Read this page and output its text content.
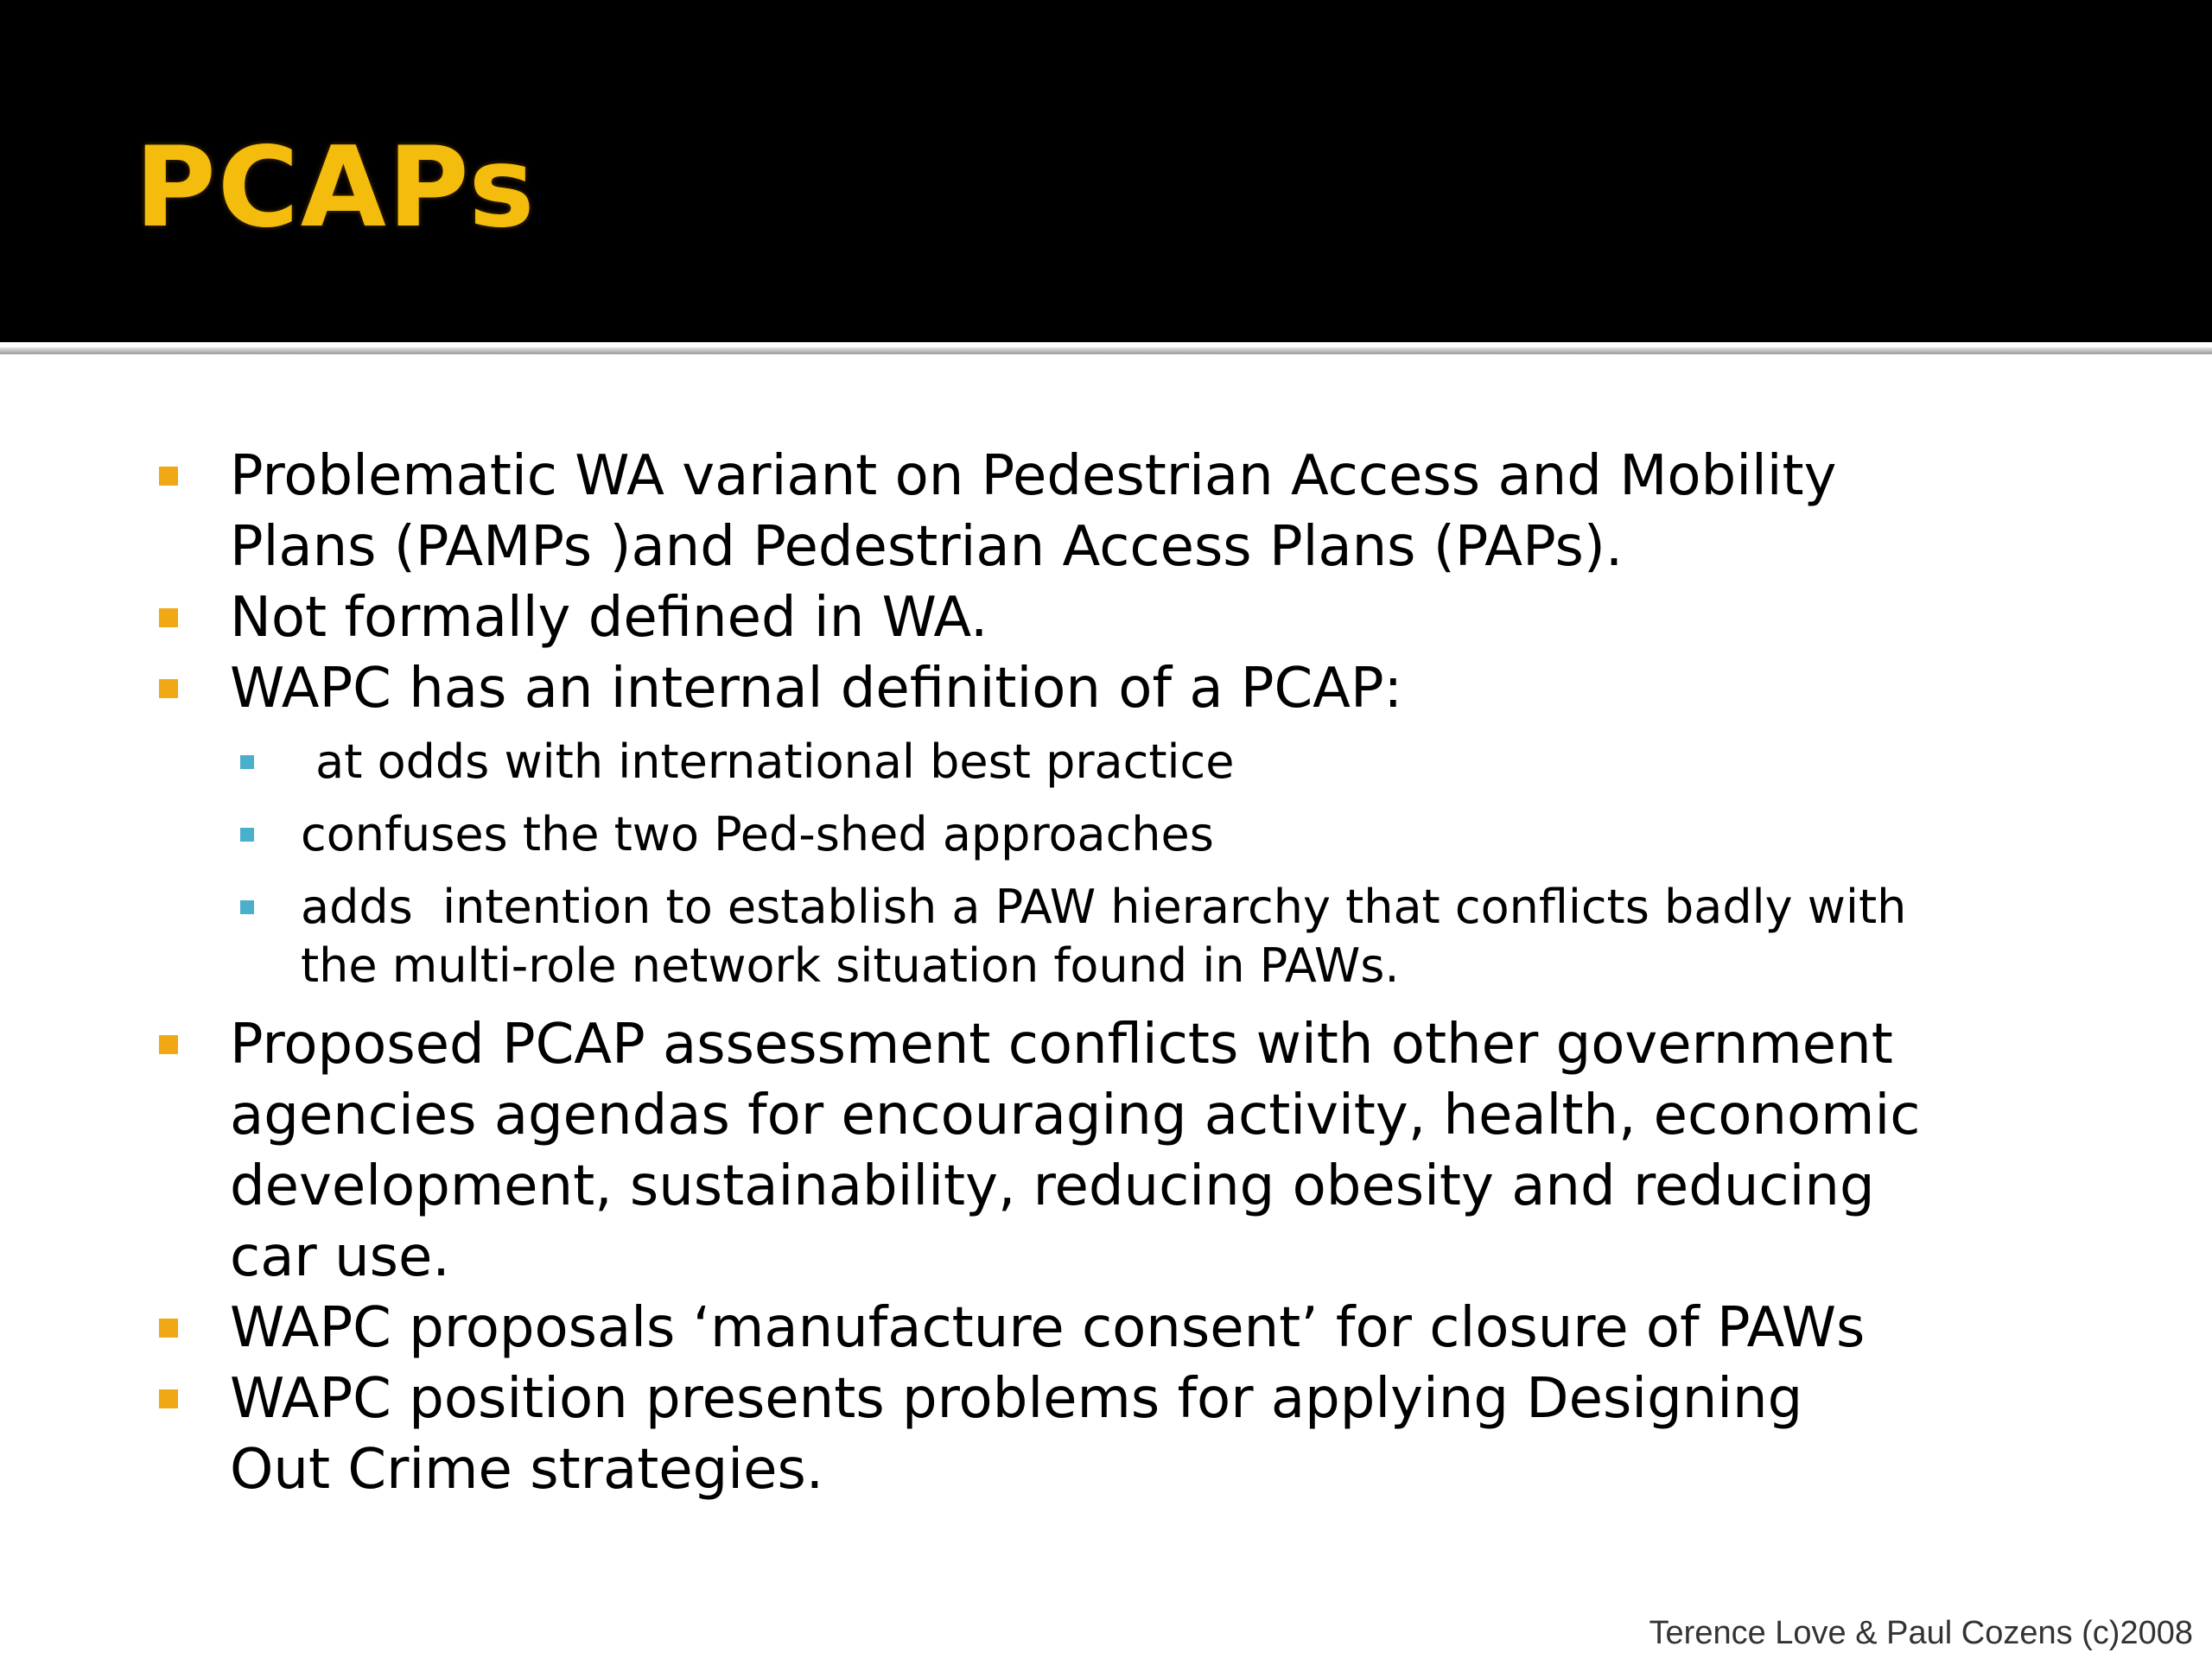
PCAPs
Problematic WA variant on Pedestrian Access and Mobility
Plans (PAMPs )and Pedestrian Access Plans (PAPs).
Not formally defined in WA.
WAPC has an internal definition of a PCAP:
at odds with international best practice
confuses the two Ped-shed approaches
adds  intention to establish a PAW hierarchy that conflicts badly with
the multi-role network situation found in PAWs.
Proposed PCAP assessment conflicts with other government
agencies agendas for encouraging activity, health, economic
development, sustainability, reducing obesity and reducing
car use.
WAPC proposals ‘manufacture consent’ for closure of PAWs
WAPC position presents problems for applying Designing
Out Crime strategies.
Terence Love & Paul Cozens (c)2008
